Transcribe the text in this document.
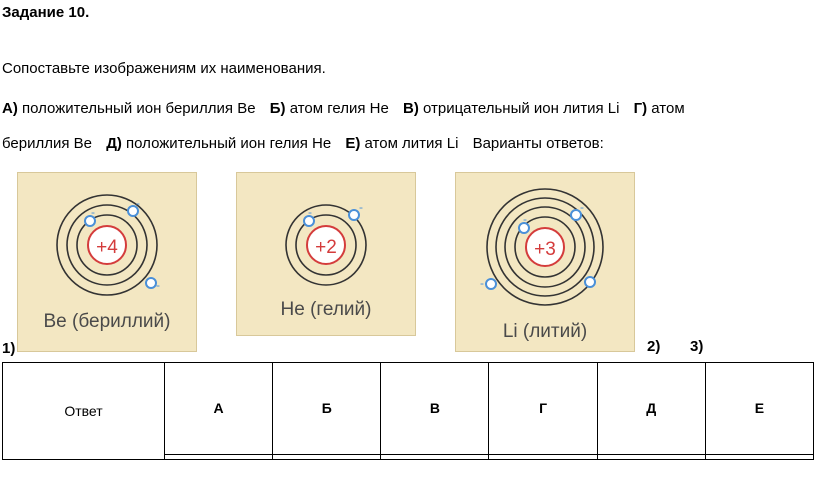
Задание 10.
Сопоставьте изображениям их наименования.
А) положительный ион бериллия Be Б) атом гелия He В) отрицательный ион лития Li Г) атом
бериллия Be Д) положительный ион гелия He Е) атом лития Li Варианты ответов:
+4
-
-
-
Be (бериллий)
+2
-	-
He (гелий)
+3
-
-
-
Li (литий)
1)	2) 3)
Ответ	А	Б	В	Г	Д	Е
